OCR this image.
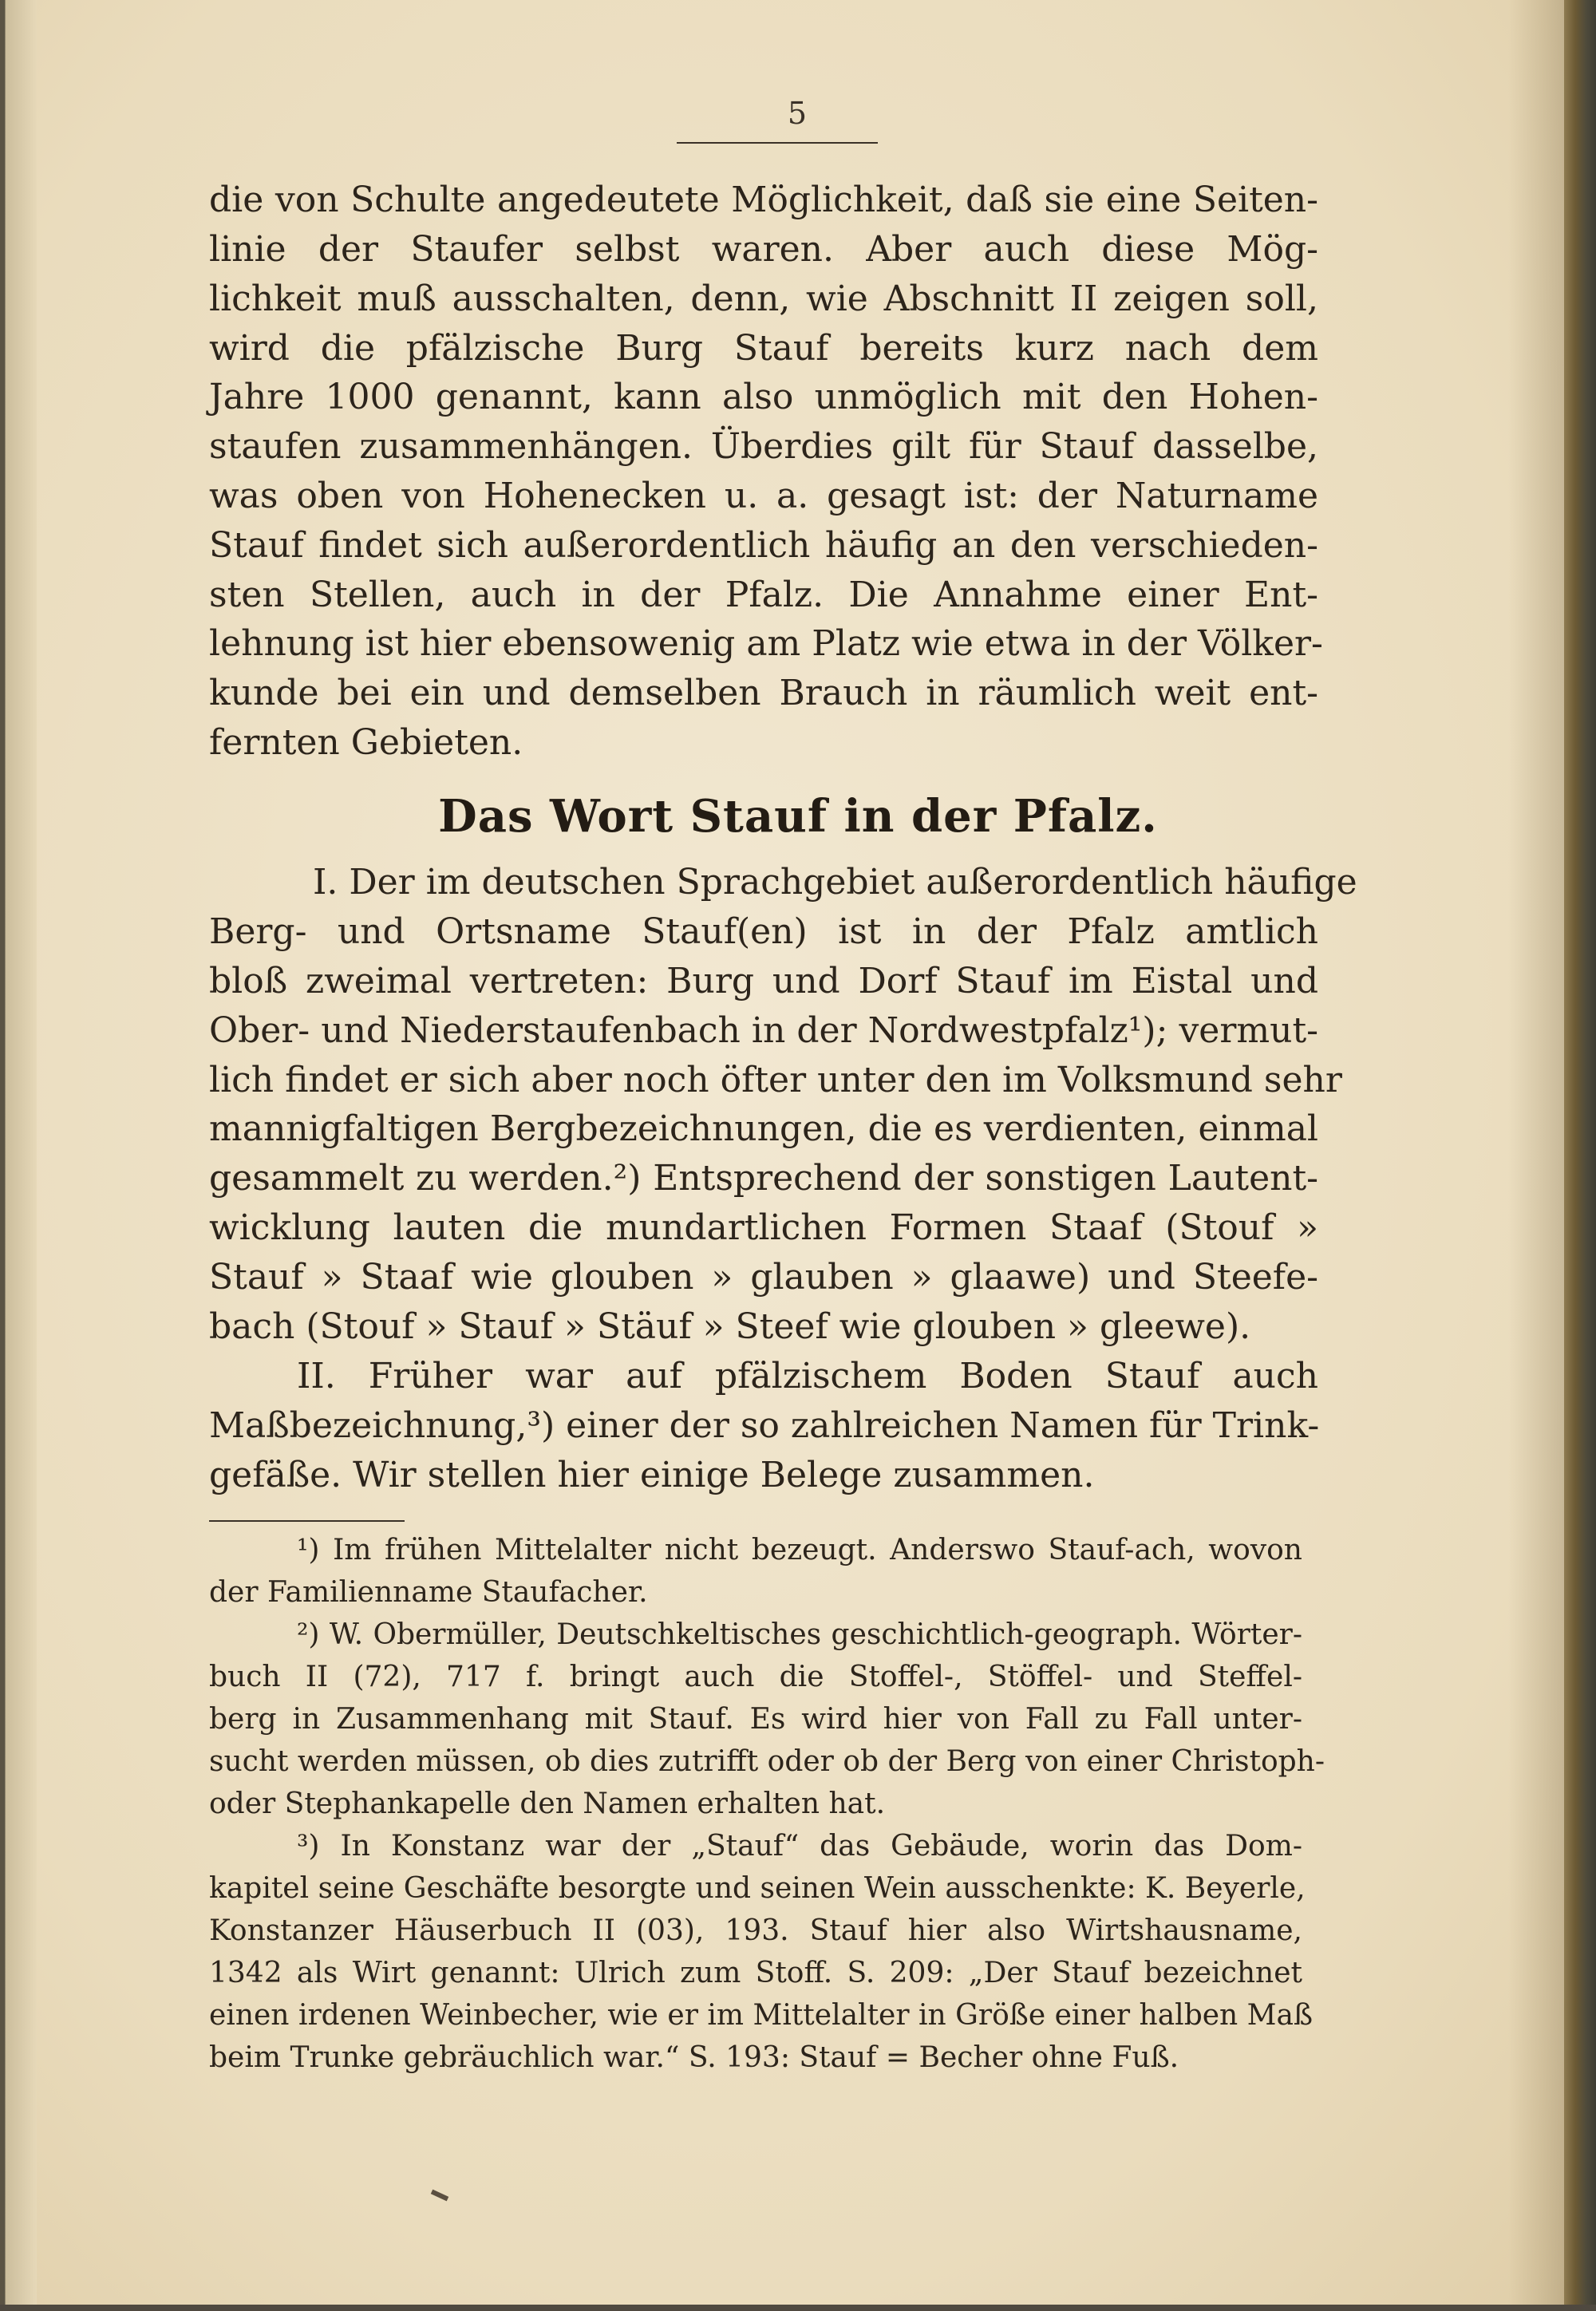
5
die von Schulte angedeutete Möglichkeit, daß sie eine Seiten-
linie der Staufer selbst waren. Aber auch diese Mög-
lichkeit muß ausschalten, denn, wie Abschnitt II zeigen soll,
wird die pfälzische Burg Stauf bereits kurz nach dem
Jahre 1000 genannt, kann also unmöglich mit den Hohen-
staufen zusammenhängen. Überdies gilt für Stauf dasselbe,
was oben von Hohenecken u. a. gesagt ist: der Naturname
Stauf findet sich außerordentlich häufig an den verschieden-
sten Stellen, auch in der Pfalz. Die Annahme einer Ent-
lehnung ist hier ebensowenig am Platz wie etwa in der Völker-
kunde bei ein und demselben Brauch in räumlich weit ent-
fernten Gebieten.
Das Wort Stauf in der Pfalz.
I. Der im deutschen Sprachgebiet außerordentlich häufige
Berg- und Ortsname Stauf(en) ist in der Pfalz amtlich
bloß zweimal vertreten: Burg und Dorf Stauf im Eistal und
Ober- und Niederstaufenbach in der Nordwestpfalz¹); vermut-
lich findet er sich aber noch öfter unter den im Volksmund sehr
mannigfaltigen Bergbezeichnungen, die es verdienten, einmal
gesammelt zu werden.²) Entsprechend der sonstigen Lautent-
wicklung lauten die mundartlichen Formen Staaf (Stouf »
Stauf » Staaf wie glouben » glauben » glaawe) und Steefe-
bach (Stouf » Stauf » Stäuf » Steef wie glouben » gleewe).
II. Früher war auf pfälzischem Boden Stauf auch
Maßbezeichnung,³) einer der so zahlreichen Namen für Trink-
gefäße. Wir stellen hier einige Belege zusammen.
¹) Im frühen Mittelalter nicht bezeugt. Anderswo Stauf-ach, wovon
der Familienname Staufacher.
²) W. Obermüller, Deutschkeltisches geschichtlich-geograph. Wörter-
buch II (72), 717 f. bringt auch die Stoffel-, Stöffel- und Steffel-
berg in Zusammenhang mit Stauf. Es wird hier von Fall zu Fall unter-
sucht werden müssen, ob dies zutrifft oder ob der Berg von einer Christoph-
oder Stephankapelle den Namen erhalten hat.
³) In Konstanz war der „Stauf“ das Gebäude, worin das Dom-
kapitel seine Geschäfte besorgte und seinen Wein ausschenkte: K. Beyerle,
Konstanzer Häuserbuch II (03), 193. Stauf hier also Wirtshausname,
1342 als Wirt genannt: Ulrich zum Stoff. S. 209: „Der Stauf bezeichnet
einen irdenen Weinbecher, wie er im Mittelalter in Größe einer halben Maß
beim Trunke gebräuchlich war.“ S. 193: Stauf = Becher ohne Fuß.
